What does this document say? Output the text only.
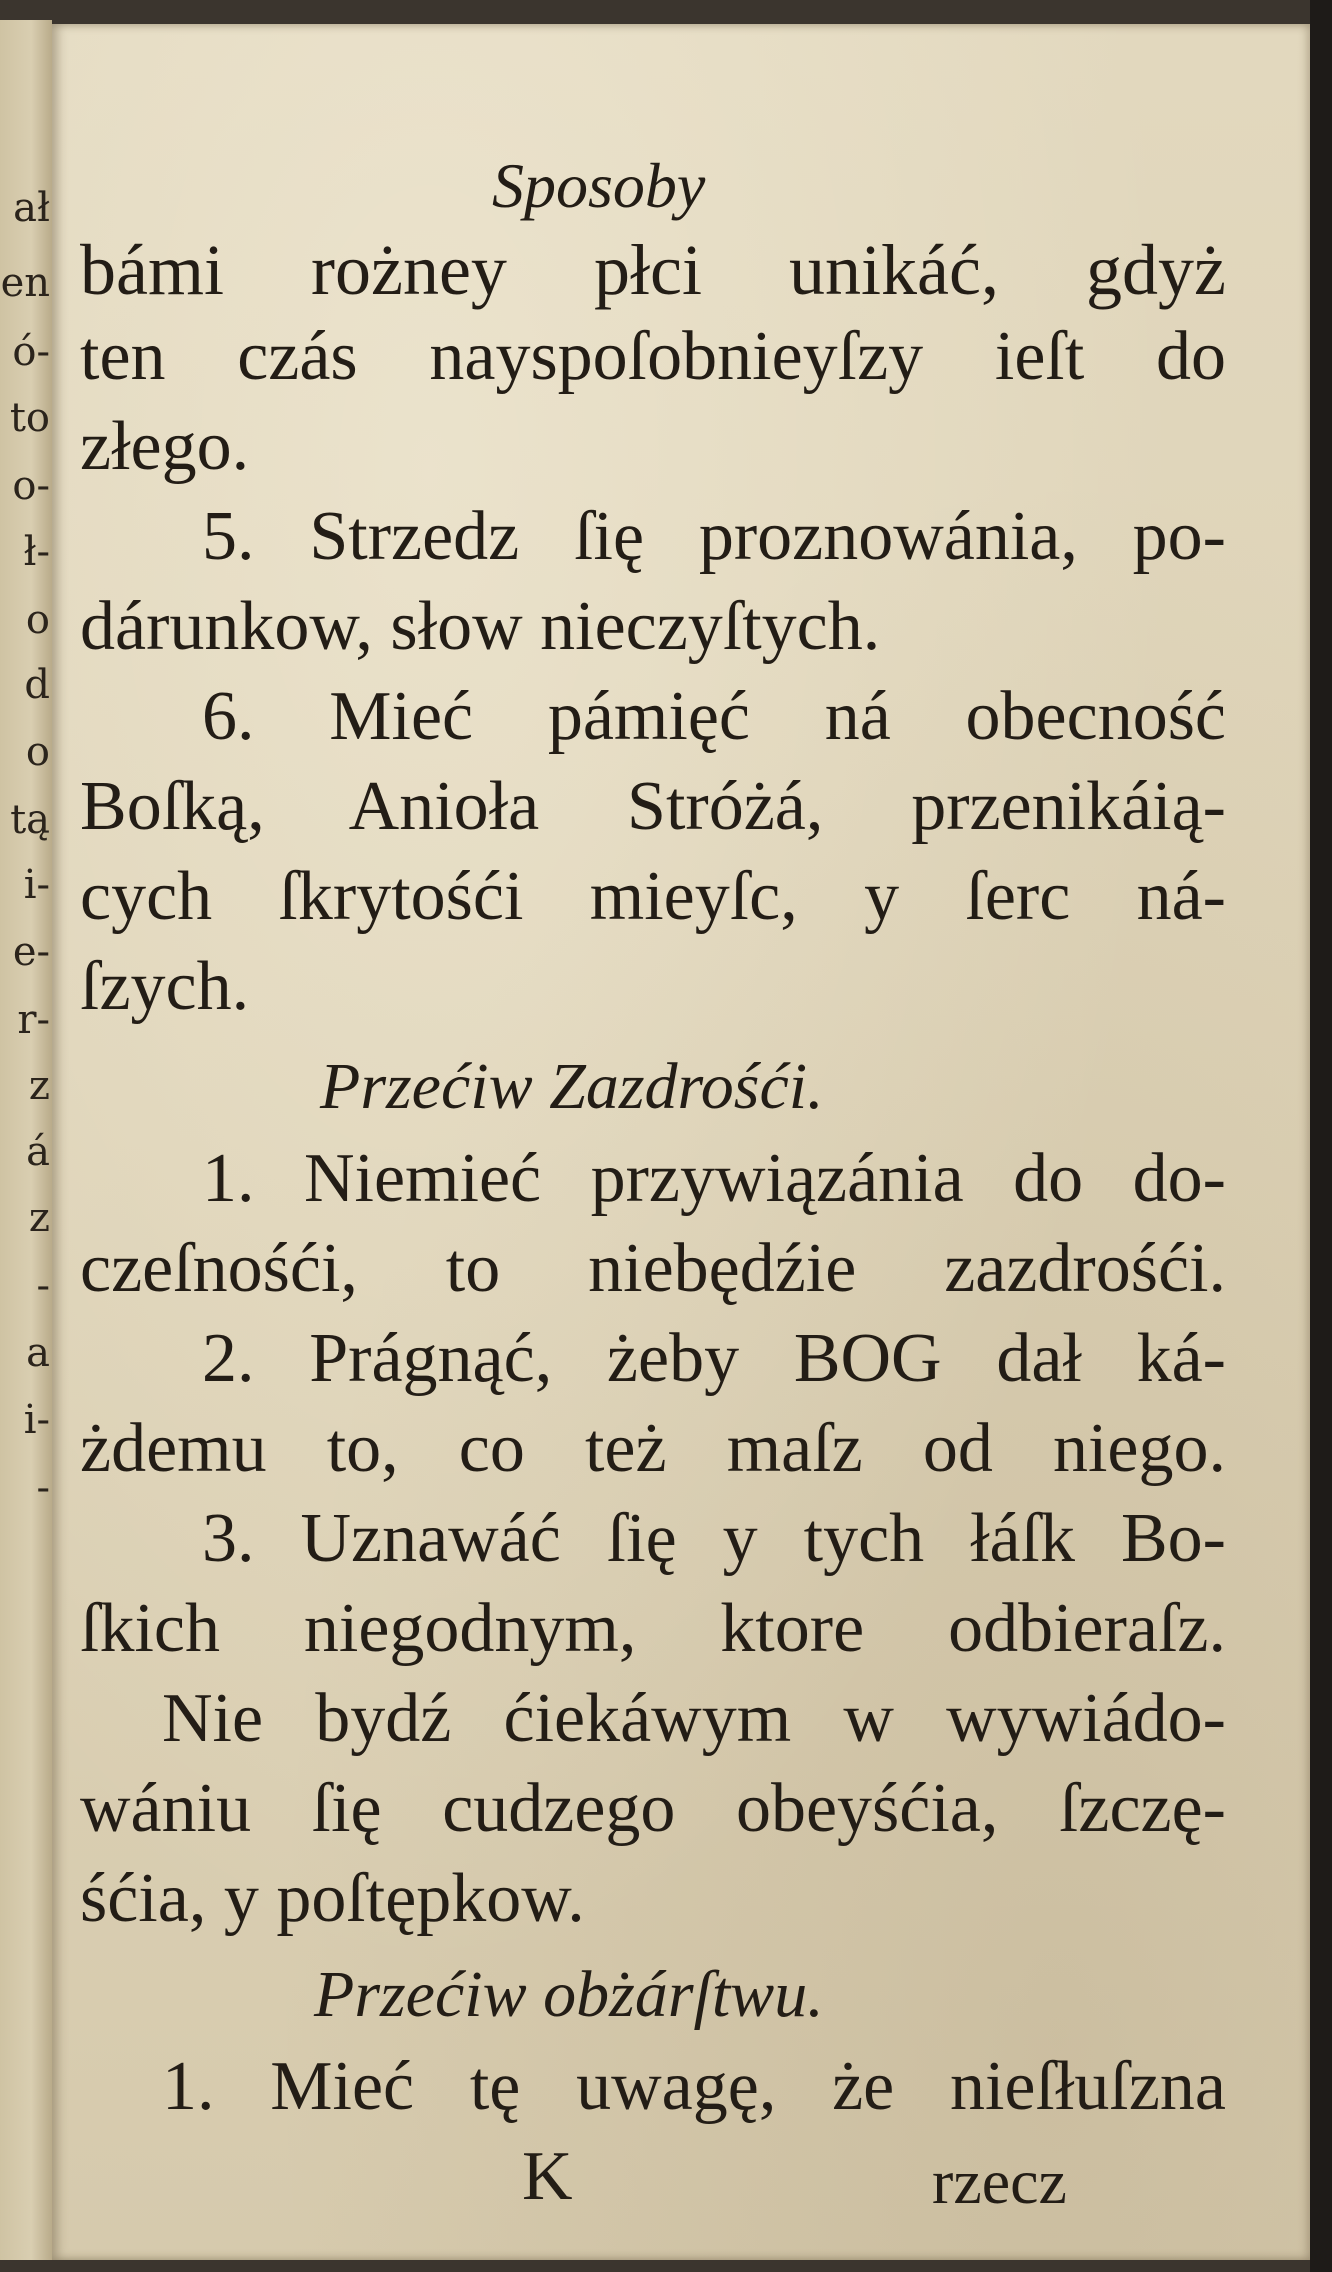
ał
en
ó-
to
o-
ł-
o
d
o
tą
i-
e-
r-
z
á
z
-
a
i-
-
Sposoby
bámi rożney płci unikáć, gdyż
ten czás nayspoſobnieyſzy ieſt do
złego.
5. Strzedz ſię proznowánia, po-
dárunkow, słow nieczyſtych.
6. Mieć pámięć ná obecność
Boſką, Anioła Stróżá, przenikáią-
cych ſkrytośći mieyſc, y ſerc ná-
ſzych.
Przećiw Zazdrośći.
1. Niemieć przywiązánia do do-
czeſnośći, to niebędźie zazdrośći.
2. Prágnąć, żeby BOG dał ká-
żdemu to, co też maſz od niego.
3. Uznawáć ſię y tych łáſk Bo-
ſkich niegodnym, ktore odbieraſz.
Nie bydź ćiekáwym w wywiádo-
wániu ſię cudzego obeyśćia, ſzczę-
śćia, y poſtępkow.
Przećiw obżárſtwu.
1. Mieć tę uwagę, że nieſłuſzna
K	rzecz
